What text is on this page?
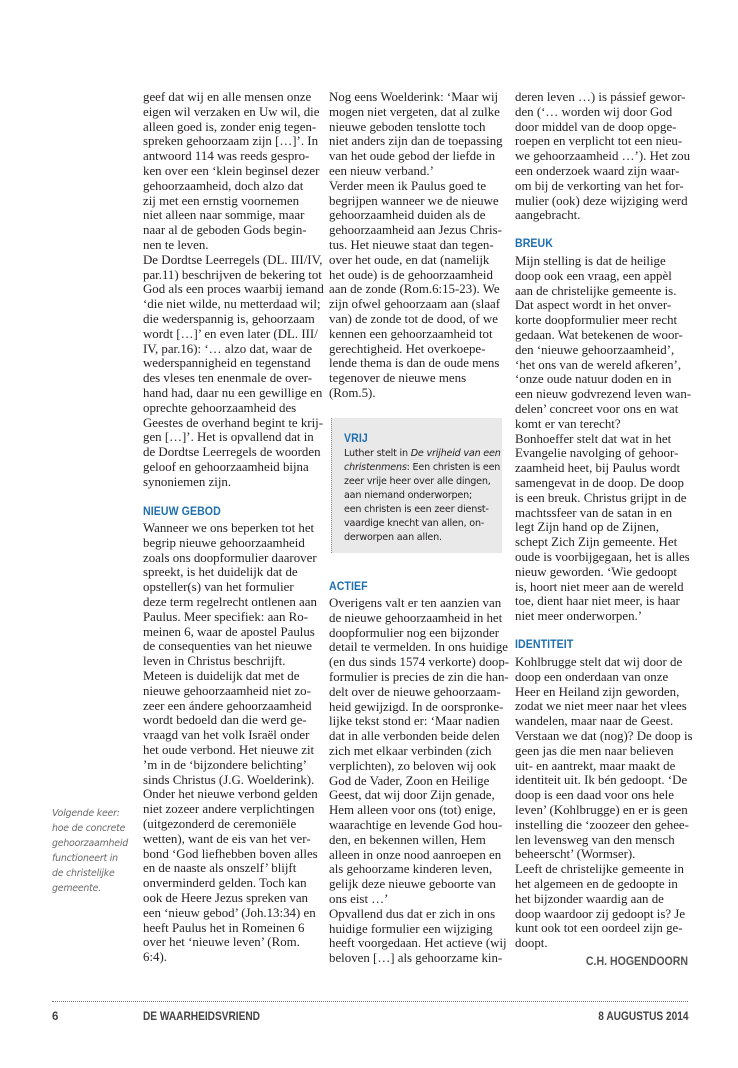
geef dat wij en alle mensen onze
eigen wil verzaken en Uw wil, die
alleen goed is, zonder enig tegen-
spreken gehoorzaam zijn […]’. In
antwoord 114 was reeds gespro-
ken over een ‘klein beginsel dezer
gehoorzaamheid, doch alzo dat
zij met een ernstig voornemen
niet alleen naar sommige, maar
naar al de geboden Gods begin-
nen te leven.
De Dordtse Leerregels (DL. III/IV,
par.11) beschrijven de bekering tot
God als een proces waarbij iemand
‘die niet wilde, nu metterdaad wil;
die wederspannig is, gehoorzaam
wordt […]’ en even later (DL. III/
IV, par.16): ‘… alzo dat, waar de
wederspannigheid en tegenstand
des vleses ten enenmale de over-
hand had, daar nu een gewillige en
oprechte gehoorzaamheid des
Geestes de overhand begint te krij-
gen […]’. Het is opvallend dat in
de Dordtse Leerregels de woorden
geloof en gehoorzaamheid bijna
synoniemen zijn.
NIEUW GEBOD
Wanneer we ons beperken tot het
begrip nieuwe gehoorzaamheid
zoals ons doopformulier daarover
spreekt, is het duidelijk dat de
opsteller(s) van het formulier
deze term regelrecht ontlenen aan
Paulus. Meer specifiek: aan Ro-
meinen 6, waar de apostel Paulus
de consequenties van het nieuwe
leven in Christus beschrijft.
Meteen is duidelijk dat met de
nieuwe gehoorzaamheid niet zo-
zeer een ándere gehoorzaamheid
wordt bedoeld dan die werd ge-
vraagd van het volk Israël onder
het oude verbond. Het nieuwe zit
’m in de ‘bijzondere belichting’
sinds Christus (J.G. Woelderink).
Onder het nieuwe verbond gelden
niet zozeer andere verplichtingen
(uitgezonderd de ceremoniële
wetten), want de eis van het ver-
bond ‘God liefhebben boven alles
en de naaste als onszelf’ blijft
onverminderd gelden. Toch kan
ook de Heere Jezus spreken van
een ‘nieuw gebod’ (Joh.13:34) en
heeft Paulus het in Romeinen 6
over het ‘nieuwe leven’ (Rom.
6:4).
Volgende keer:
hoe de concrete
gehoorzaamheid
functioneert in
de christelijke
gemeente.
Nog eens Woelderink: ‘Maar wij
mogen niet vergeten, dat al zulke
nieuwe geboden tenslotte toch
niet anders zijn dan de toepassing
van het oude gebod der liefde in
een nieuw verband.’
Verder meen ik Paulus goed te
begrijpen wanneer we de nieuwe
gehoorzaamheid duiden als de
gehoorzaamheid aan Jezus Chris-
tus. Het nieuwe staat dan tegen-
over het oude, en dat (namelijk
het oude) is de gehoorzaamheid
aan de zonde (Rom.6:15-23). We
zijn ofwel gehoorzaam aan (slaaf
van) de zonde tot de dood, of we
kennen een gehoorzaamheid tot
gerechtigheid. Het overkoepe-
lende thema is dan de oude mens
tegenover de nieuwe mens
(Rom.5).
VRIJ
Luther stelt in De vrijheid van een
christenmens: Een christen is een
zeer vrije heer over alle dingen,
aan niemand onderworpen;
een christen is een zeer dienst-
vaardige knecht van allen, on-
derworpen aan allen.
ACTIEF
Overigens valt er ten aanzien van
de nieuwe gehoorzaamheid in het
doopformulier nog een bijzonder
detail te vermelden. In ons huidige
(en dus sinds 1574 verkorte) doop-
formulier is precies de zin die han-
delt over de nieuwe gehoorzaam-
heid gewijzigd. In de oorspronke-
lijke tekst stond er: ‘Maar nadien
dat in alle verbonden beide delen
zich met elkaar verbinden (zich
verplichten), zo beloven wij ook
God de Vader, Zoon en Heilige
Geest, dat wij door Zijn genade,
Hem alleen voor ons (tot) enige,
waarachtige en levende God hou-
den, en bekennen willen, Hem
alleen in onze nood aanroepen en
als gehoorzame kinderen leven,
gelijk deze nieuwe geboorte van
ons eist …’
Opvallend dus dat er zich in ons
huidige formulier een wijziging
heeft voorgedaan. Het actieve (wij
beloven […] als gehoorzame kin-
deren leven …) is pássief gewor-
den (‘… worden wij door God
door middel van de doop opge-
roepen en verplicht tot een nieu-
we gehoorzaamheid …’). Het zou
een onderzoek waard zijn waar-
om bij de verkorting van het for-
mulier (ook) deze wijziging werd
aangebracht.
BREUK
Mijn stelling is dat de heilige
doop ook een vraag, een appèl
aan de christelijke gemeente is.
Dat aspect wordt in het onver-
korte doopformulier meer recht
gedaan. Wat betekenen de woor-
den ‘nieuwe gehoorzaamheid’,
‘het ons van de wereld afkeren’,
‘onze oude natuur doden en in
een nieuw godvrezend leven wan-
delen’ concreet voor ons en wat
komt er van terecht?
Bonhoeffer stelt dat wat in het
Evangelie navolging of gehoor-
zaamheid heet, bij Paulus wordt
samengevat in de doop. De doop
is een breuk. Christus grijpt in de
machtssfeer van de satan in en
legt Zijn hand op de Zijnen,
schept Zich Zijn gemeente. Het
oude is voorbijgegaan, het is alles
nieuw geworden. ‘Wie gedoopt
is, hoort niet meer aan de wereld
toe, dient haar niet meer, is haar
niet meer onderworpen.’
IDENTITEIT
Kohlbrugge stelt dat wij door de
doop een onderdaan van onze
Heer en Heiland zijn geworden,
zodat we niet meer naar het vlees
wandelen, maar naar de Geest.
Verstaan we dat (nog)? De doop is
geen jas die men naar believen
uit- en aantrekt, maar maakt de
identiteit uit. Ik bén gedoopt. ‘De
doop is een daad voor ons hele
leven’ (Kohlbrugge) en er is geen
instelling die ‘zoozeer den gehee-
len levensweg van den mensch
beheerscht’ (Wormser).
Leeft de christelijke gemeente in
het algemeen en de gedoopte in
het bijzonder waardig aan de
doop waardoor zij gedoopt is? Je
kunt ook tot een oordeel zijn ge-
doopt.
C.H. HOGENDOORN
6	DE WAARHEIDSVRIEND	8 AUGUSTUS 2014
